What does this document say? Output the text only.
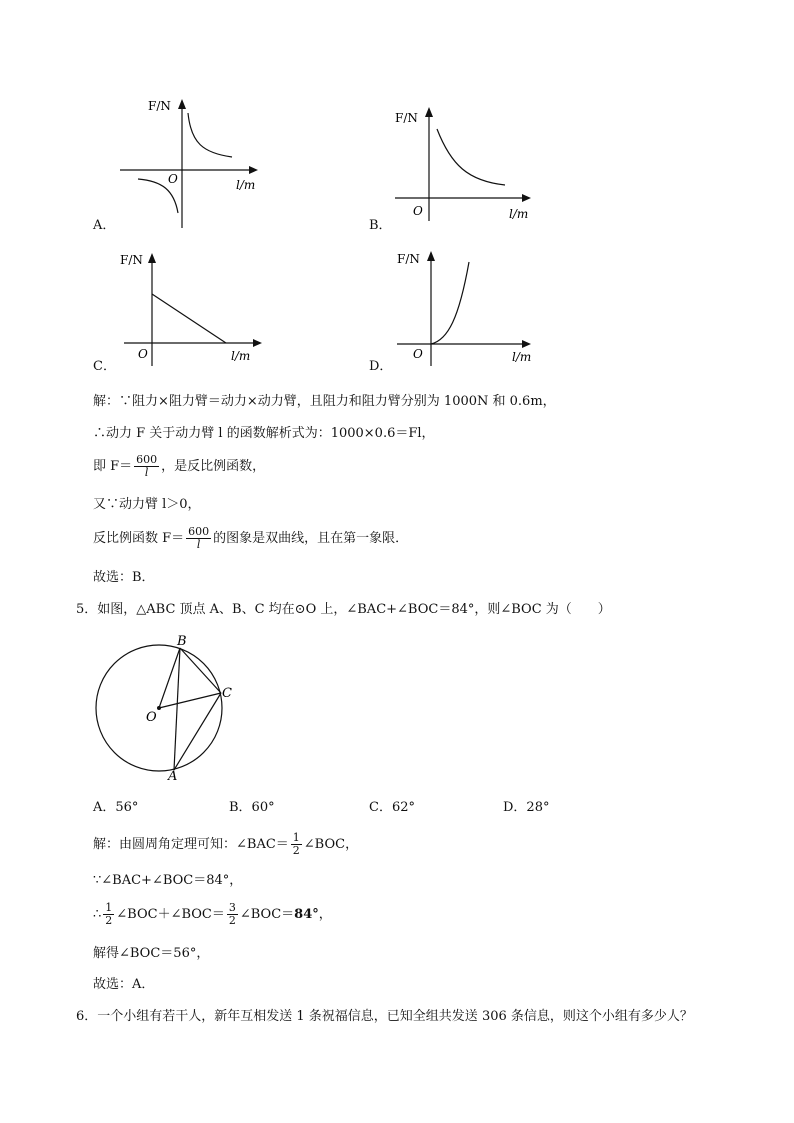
A．
F/N
O	l/m
B．
F/N
O	l/m
C．
F/N
O	l/m
D．
F/N
O	l/m
解：∵阻力×阻力臂＝动力×动力臂，且阻力和阻力臂分别为 1000N 和 0.6m，
∴动力 F 关于动力臂 l 的函数解析式为：1000×0.6＝Fl，
即 $F= \frac{600}{l}$ ，是反比例函数，
又∵动力臂 l＞0，
反比例函数 $F= \frac{600}{l}$ 的图象是双曲线，且在第一象限．
故选：B．
5．如图，△ABC 顶点 A、B、C 均在⊙O 上，∠BAC+∠BOC＝84°，则∠BOC 为（　　）
B
C
O
A
A．56°	B．60°	C．62°	D．28°
解：由圆周角定理可知：∠BAC＝ $\frac{1}{2}$ ∠BOC，
∵∠BAC+∠BOC＝84°，
∴ $\frac{1}{2}$ ∠BOC＋∠BOC＝ $\frac{3}{2}$ ∠BOC＝84°，
解得∠BOC＝56°，
故选：A．
6．一个小组有若干人，新年互相发送 1 条祝福信息，已知全组共发送 306 条信息，则这个小组有多少人？
